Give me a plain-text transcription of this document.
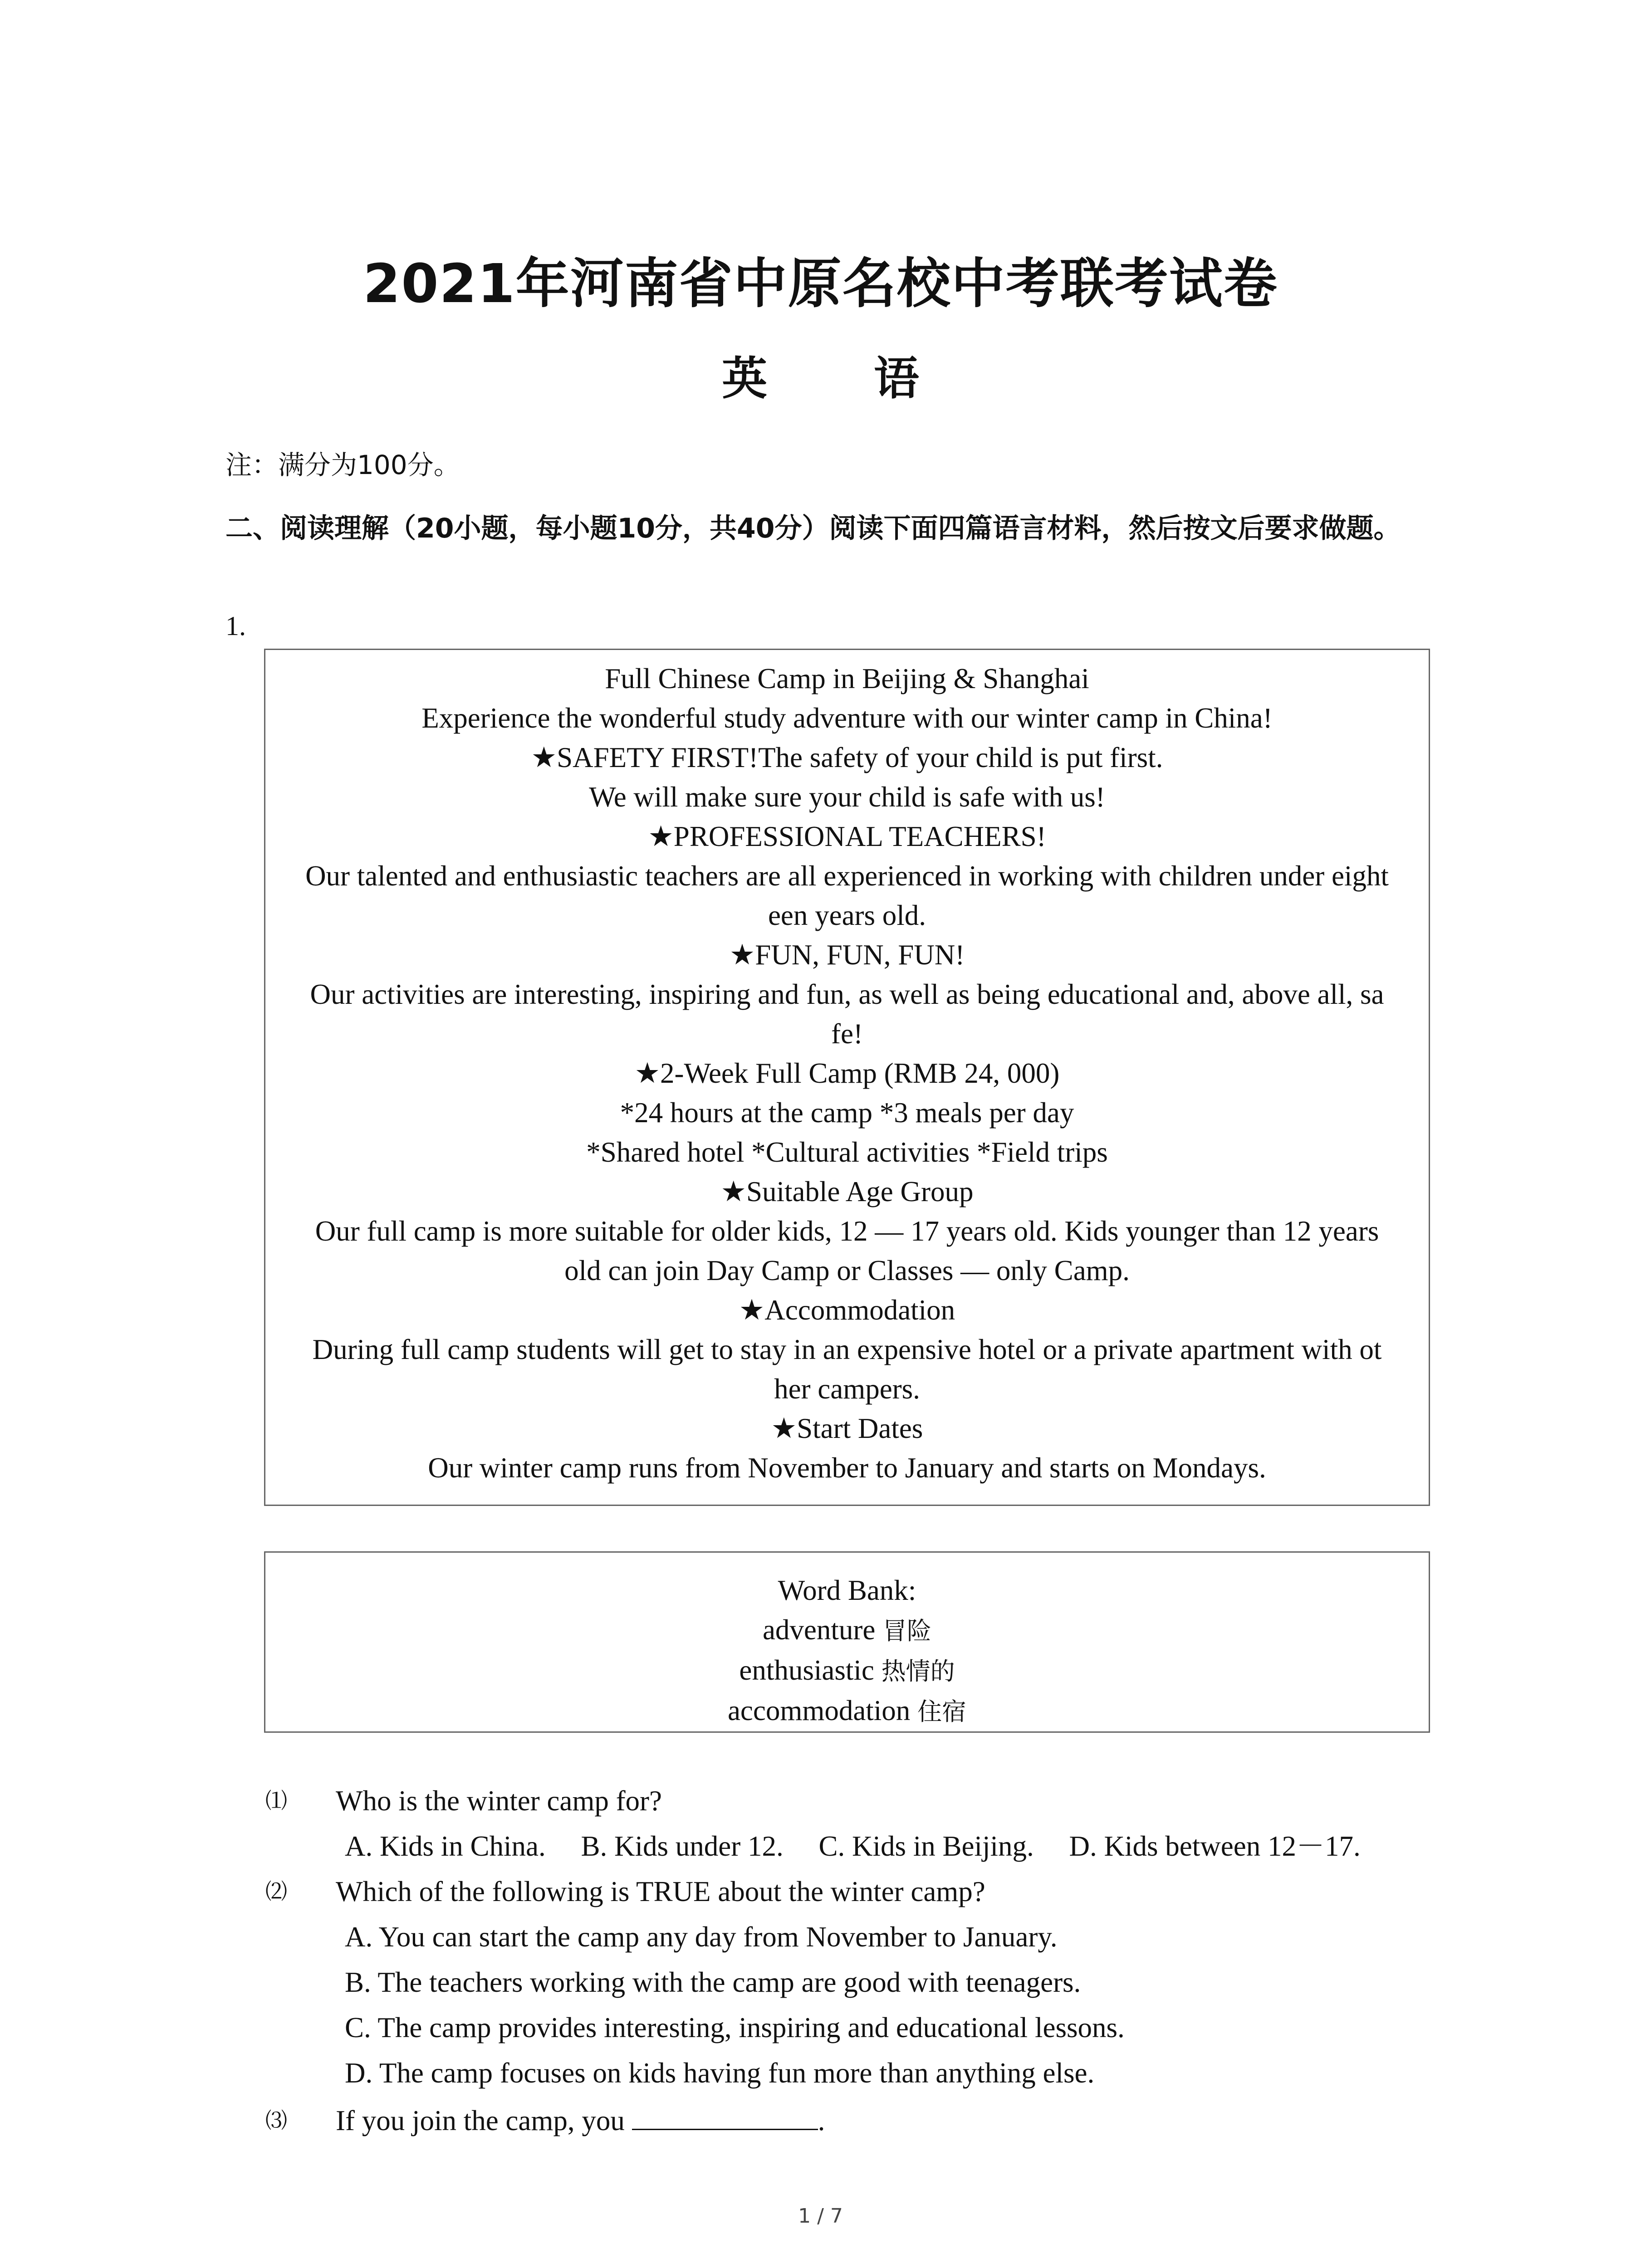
2021年河南省中原名校中考联考试卷
英 语
注：满分为100分。
二、阅读理解（20小题，每小题10分，共40分）阅读下面四篇语言材料，然后按文后要求做题。
1.
Full Chinese Camp in Beijing & Shanghai
Experience the wonderful study adventure with our winter camp in China!
★SAFETY FIRST!The safety of your child is put first.
We will make sure your child is safe with us!
★PROFESSIONAL TEACHERS!
Our talented and enthusiastic teachers are all experienced in working with children under eight
een years old.
★FUN, FUN, FUN!
Our activities are interesting, inspiring and fun, as well as being educational and, above all, sa
fe!
★2-Week Full Camp (RMB 24, 000)
*24 hours at the camp *3 meals per day
*Shared hotel *Cultural activities *Field trips
★Suitable Age Group
Our full camp is more suitable for older kids, 12 — 17 years old. Kids younger than 12 years
old can join Day Camp or Classes — only Camp.
★Accommodation
During full camp students will get to stay in an expensive hotel or a private apartment with ot
her campers.
★Start Dates
Our winter camp runs from November to January and starts on Mondays.
Word Bank:
adventure 冒险
enthusiastic 热情的
accommodation 住宿
⑴ Who is the winter camp for?
A. Kids in China. B. Kids under 12. C. Kids in Beijing. D. Kids between 12－17.
⑵ Which of the following is TRUE about the winter camp?
A. You can start the camp any day from November to January.
B. The teachers working with the camp are good with teenagers.
C. The camp provides interesting, inspiring and educational lessons.
D. The camp focuses on kids having fun more than anything else.
⑶ If you join the camp, you	.
1 / 7
